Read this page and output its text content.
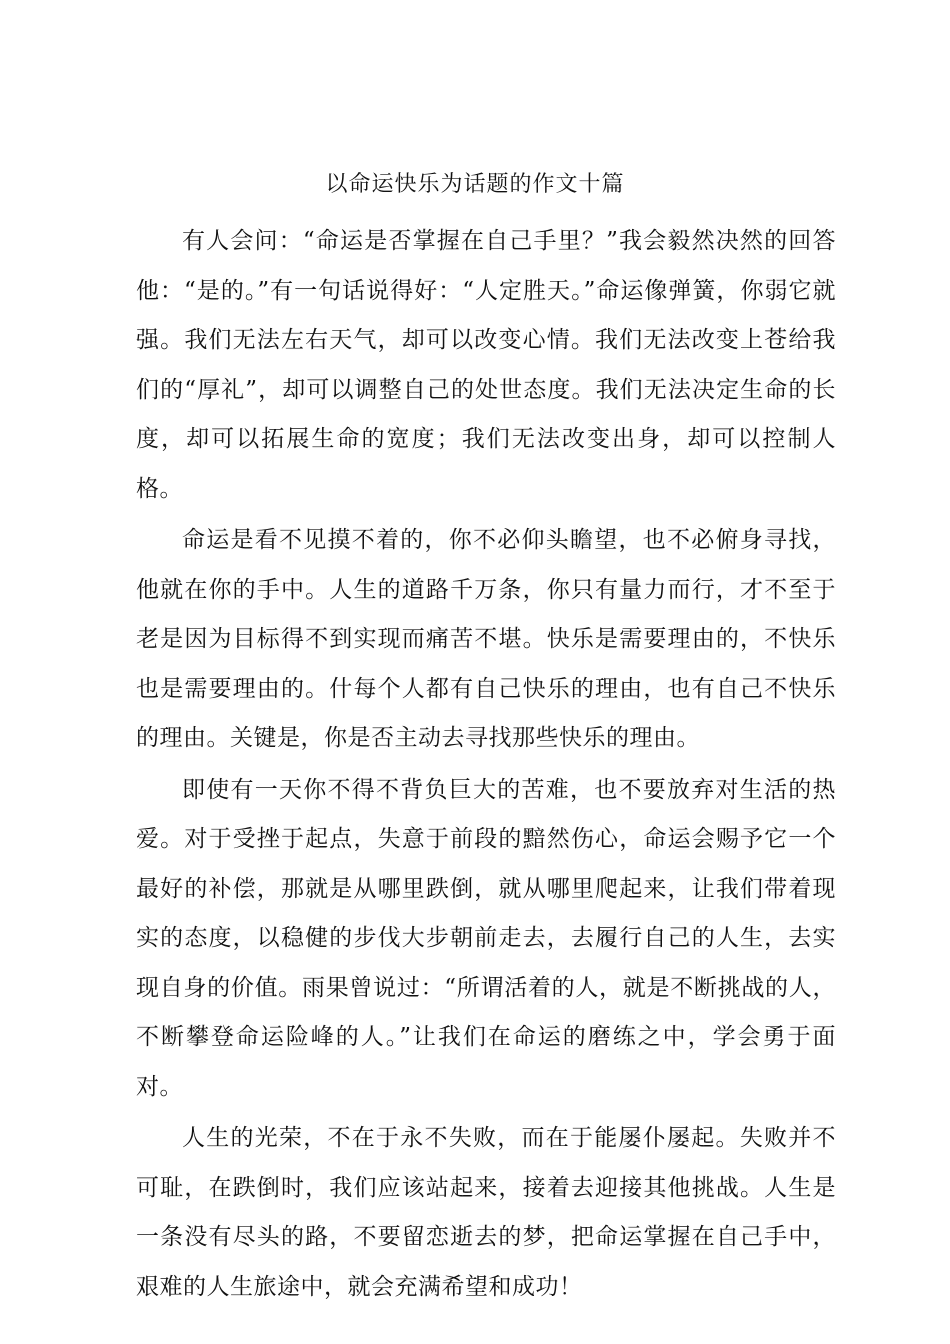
以命运快乐为话题的作文十篇

有人会问：“命运是否掌握在自己手里？”我会毅然决然的回答他：“是的。”有一句话说得好：“人定胜天。”命运像弹簧，你弱它就强。我们无法左右天气，却可以改变心情。我们无法改变上苍给我们的“厚礼”，却可以调整自己的处世态度。我们无法决定生命的长度，却可以拓展生命的宽度；我们无法改变出身，却可以控制人格。

命运是看不见摸不着的，你不必仰头瞻望，也不必俯身寻找，他就在你的手中。人生的道路千万条，你只有量力而行，才不至于老是因为目标得不到实现而痛苦不堪。快乐是需要理由的，不快乐也是需要理由的。什每个人都有自己快乐的理由，也有自己不快乐的理由。关键是，你是否主动去寻找那些快乐的理由。

即使有一天你不得不背负巨大的苦难，也不要放弃对生活的热爱。对于受挫于起点，失意于前段的黯然伤心，命运会赐予它一个最好的补偿，那就是从哪里跌倒，就从哪里爬起来，让我们带着现实的态度，以稳健的步伐大步朝前走去，去履行自己的人生，去实现自身的价值。雨果曾说过：“所谓活着的人，就是不断挑战的人，不断攀登命运险峰的人。”让我们在命运的磨练之中，学会勇于面对。

人生的光荣，不在于永不失败，而在于能屡仆屡起。失败并不可耻，在跌倒时，我们应该站起来，接着去迎接其他挑战。人生是一条没有尽头的路，不要留恋逝去的梦，把命运掌握在自己手中，艰难的人生旅途中，就会充满希望和成功！
